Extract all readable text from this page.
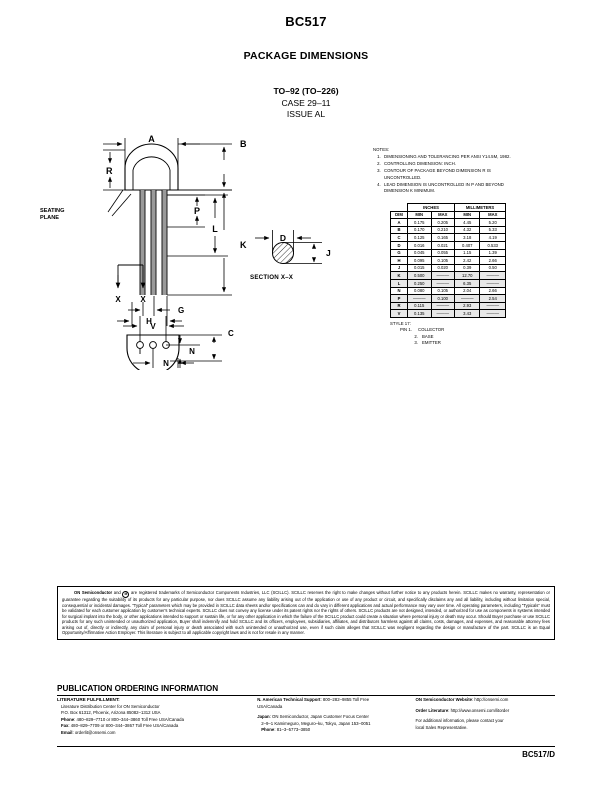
BC517
PACKAGE DIMENSIONS
TO–92 (TO–226)
CASE 29–11
ISSUE AL
NOTES:
1. DIMENSIONING AND TOLERANCING PER ANSI Y14.5M, 1982.
2. CONTROLLING DIMENSION: INCH.
3. CONTOUR OF PACKAGE BEYOND DIMENSION R IS UNCONTROLLED.
4. LEAD DIMENSION IS UNCONTROLLED IN P AND BEYOND DIMENSION K MINIMUM.
	INCHES		MILLIMETERS	
DIM	MIN	MAX	MIN	MAX
A	0.175	0.205	4.45	5.20
B	0.170	0.210	4.32	5.33
C	0.125	0.165	3.18	4.19
D	0.016	0.021	0.407	0.533
G	0.045	0.055	1.15	1.39
H	0.095	0.105	2.42	2.66
J	0.015	0.020	0.39	0.50
K	0.500	———	12.70	———
L	0.250	———	6.35	———
N	0.080	0.105	2.04	2.66
P	———	0.100	———	2.54
R	0.115	———	2.93	———
V	0.135	———	3.43	———
STYLE 17:
PIN 1. COLLECTOR
2. BASE
3. EMITTER
A	B
R
SEATING
PLANE
P
L
K
X X
G
H
V
C
N
N
D
J
SECTION X–X
ON Semiconductor and M are registered trademarks of Semiconductor Components Industries, LLC (SCILLC). SCILLC reserves the right to make changes without further notice to any products herein. SCILLC makes no warranty, representation or guarantee regarding the suitability of its products for any particular purpose, nor does SCILLC assume any liability arising out of the application or use of any product or circuit, and specifically disclaims any and all liability, including without limitation special, consequential or incidental damages. “Typical” parameters which may be provided in SCILLC data sheets and/or specifications can and do vary in different applications and actual performance may vary over time. All operating parameters, including “Typicals” must be validated for each customer application by customer's technical experts. SCILLC does not convey any license under its patent rights nor the rights of others. SCILLC products are not designed, intended, or authorized for use as components in systems intended for surgical implant into the body, or other applications intended to support or sustain life, or for any other application in which the failure of the SCILLC product could create a situation where personal injury or death may occur. Should Buyer purchase or use SCILLC products for any such unintended or unauthorized application, Buyer shall indemnify and hold SCILLC and its officers, employees, subsidiaries, affiliates, and distributors harmless against all claims, costs, damages, and expenses, and reasonable attorney fees arising out of, directly or indirectly, any claim of personal injury or death associated with such unintended or unauthorized use, even if such claim alleges that SCILLC was negligent regarding the design or manufacture of the part. SCILLC is an Equal Opportunity/Affirmative Action Employer. This literature is subject to all applicable copyright laws and is not for resale in any manner.
PUBLICATION ORDERING INFORMATION
LITERATURE FULFILLMENT:
Literature Distribution Center for ON Semiconductor
P.O. Box 61312, Phoenix, Arizona 85082–1312 USA
Phone: 480–829–7710 or 800–344–3860 Toll Free USA/Canada
Fax: 480–829–7709 or 800–344–3867 Toll Free USA/Canada
Email: orderlit@onsemi.com
N. American Technical Support: 800–282–9855 Toll Free
USA/Canada
Japan: ON Semiconductor, Japan Customer Focus Center
2–9–1 Kamimeguro, Meguro–ku, Tokyo, Japan 153–0051
Phone: 81–3–5773–3850
ON Semiconductor Website: http://onsemi.com
Order Literature: http://www.onsemi.com/litorder
For additional information, please contact your
local Sales Representative.
BC517/D
